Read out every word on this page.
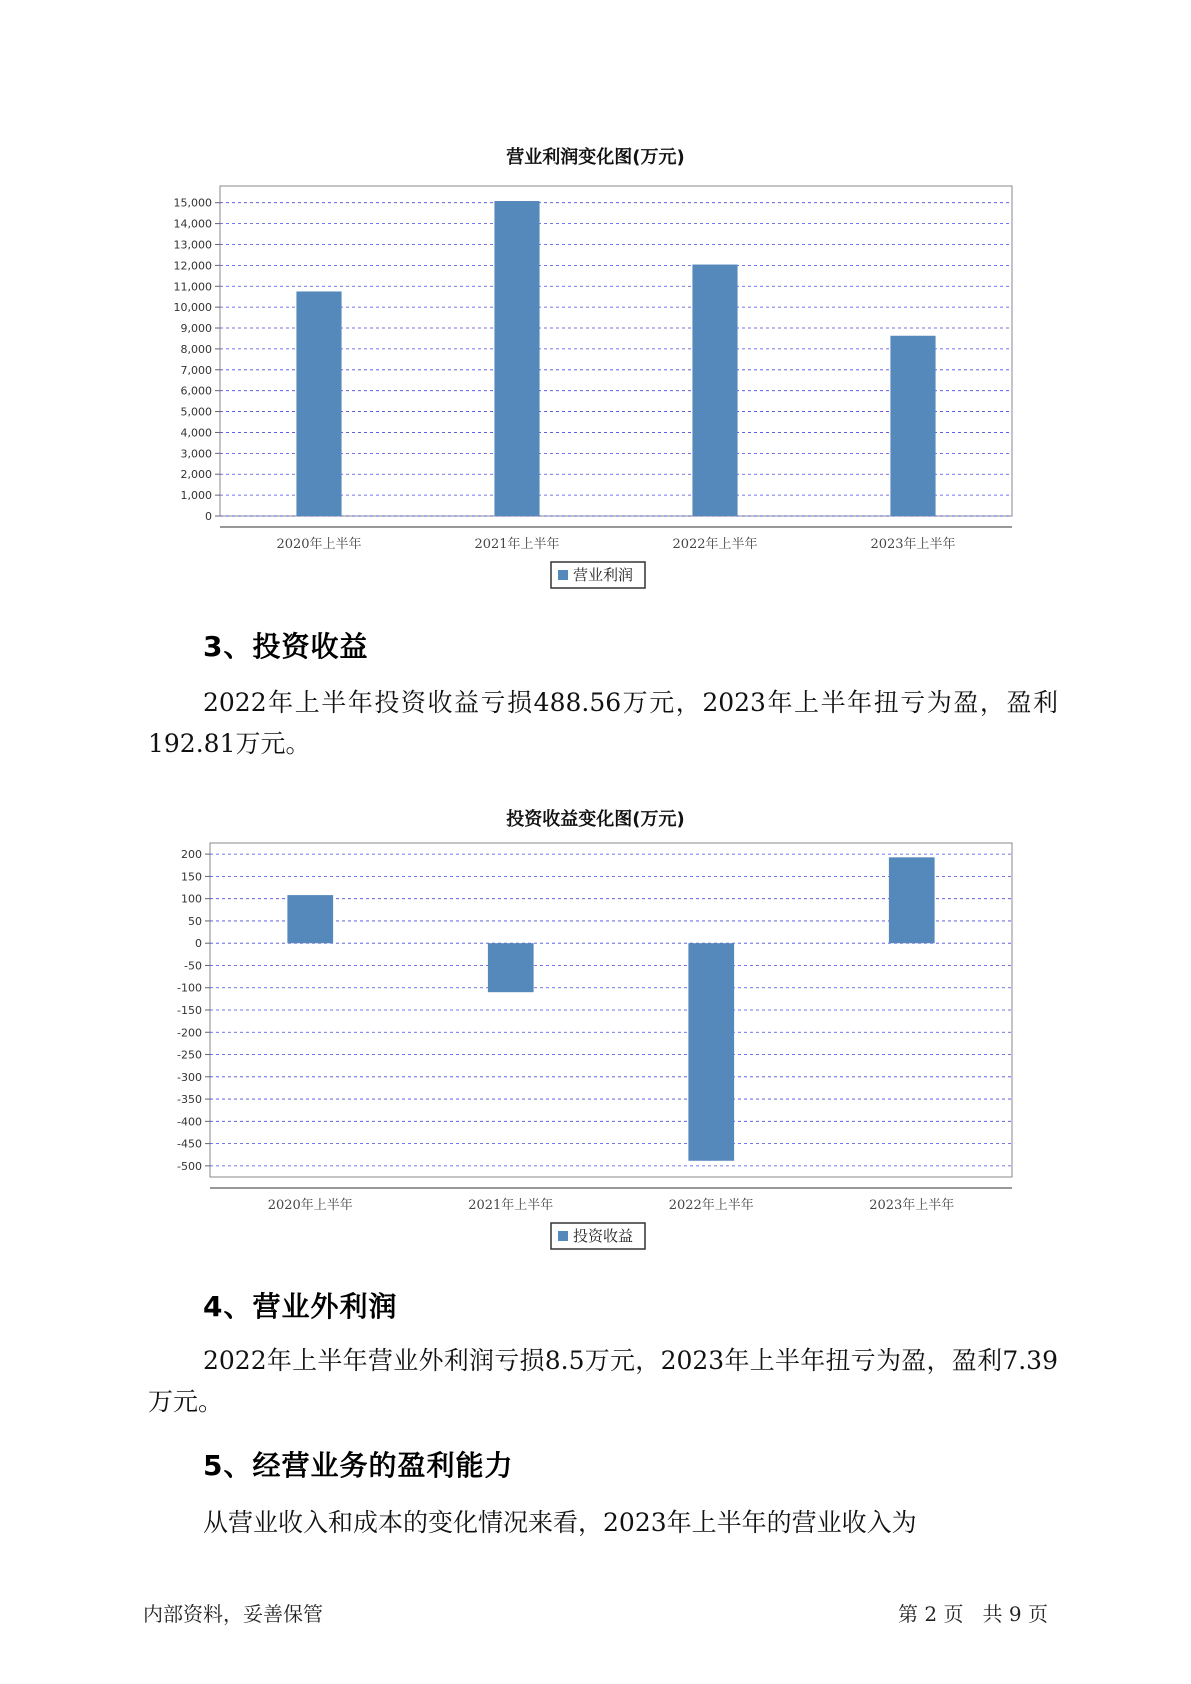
营业利润变化图(万元)
0
1,000
2,000
3,000
4,000
5,000
6,000
7,000
8,000
9,000
10,000
11,000
12,000
13,000
14,000
15,000
2020年上半年	2021年上半年	2022年上半年	2023年上半年
营业利润
3、投资收益

2022年上半年投资收益亏损488.56万元，2023年上半年扭亏为盈，盈利192.81万元。

投资收益变化图(万元)
200
150
100
50
0
-50
-100
-150
-200
-250
-300
-350
-400
-450
-500
2020年上半年	2021年上半年	2022年上半年	2023年上半年
投资收益
4、营业外利润

2022年上半年营业外利润亏损8.5万元，2023年上半年扭亏为盈，盈利7.39万元。

5、经营业务的盈利能力

从营业收入和成本的变化情况来看，2023年上半年的营业收入为

内部资料，妥善保管	第 2 页   共 9 页
